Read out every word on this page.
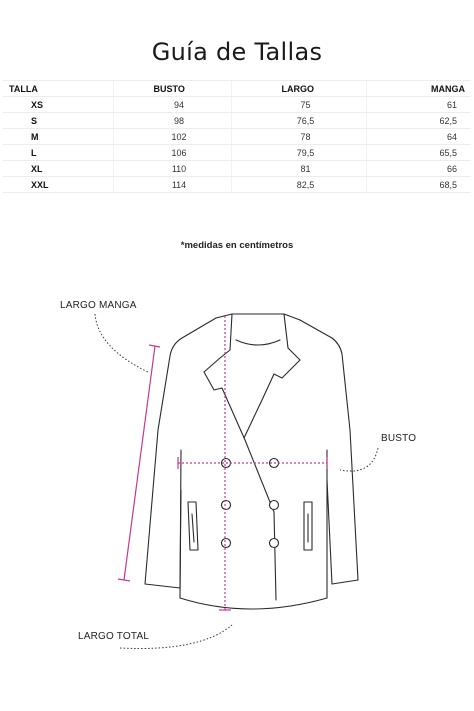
Guía de Tallas
TALLA	BUSTO	LARGO	MANGA
XS	94	75	61
S	98	76,5	62,5
M	102	78	64
L	106	79,5	65,5
XL	110	81	66
XXL	114	82,5	68,5
*medidas en centímetros
LARGO MANGA
BUSTO
LARGO TOTAL
